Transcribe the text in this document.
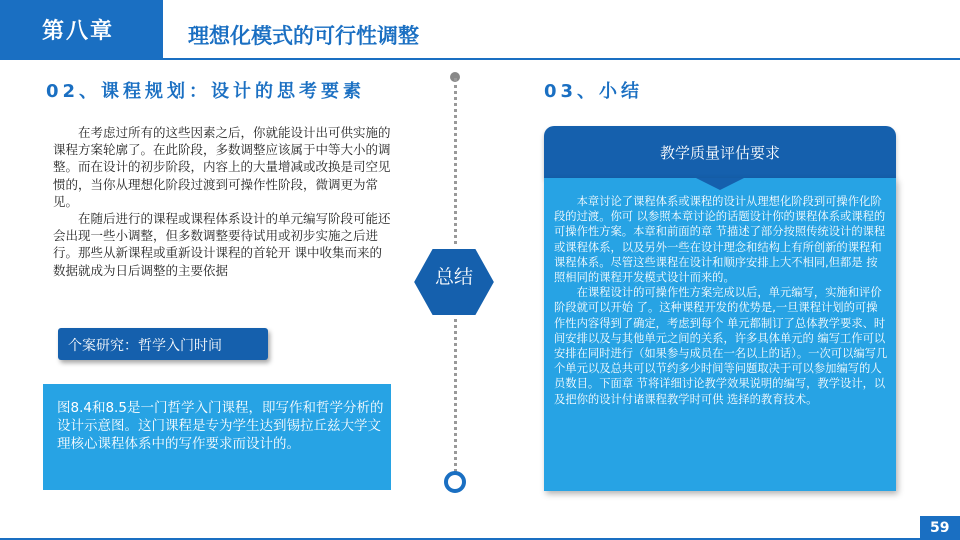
第八章	理想化模式的可行性调整
02、课程规划：设计的思考要素

在考虑过所有的这些因素之后，你就能设计出可供实施的课程方案轮廓了。在此阶段，多数调整应该属于中等大小的调整。而在设计的初步阶段，内容上的大量增减或改换是司空见惯的，当你从理想化阶段过渡到可操作性阶段，微调更为常见。

在随后进行的课程或课程体系设计的单元编写阶段可能还会出现一些小调整，但多数调整要待试用或初步实施之后进行。那些从新课程或重新设计课程的首轮开 课中收集而来的数据就成为日后调整的主要依据

个案研究：哲学入门时间

图8.4和8.5是一门哲学入门课程，即写作和哲学分析的设计示意图。这门课程是专为学生达到锡拉丘兹大学文理核心课程体系中的写作要求而设计的。

总结
03、小结
教学质量评估要求

本章讨论了课程体系或课程的设计从理想化阶段到可操作化阶段的过渡。你可 以参照本章讨论的话题设计你的课程体系或课程的可操作性方案。本章和前面的章 节描述了部分按照传统设计的课程或课程体系，以及另外一些在设计理念和结构上有所创新的课程和课程体系。尽管这些课程在设计和顺序安排上大不相同,但都是 按照相同的课程开发模式设计而来的。

在课程设计的可操作性方案完成以后，单元编写，实施和评价阶段就可以开始 了。这种课程开发的优势是,一旦课程计划的可操作性内容得到了确定，考虑到每个 单元都制订了总体教学要求、时间安排以及与其他单元之间的关系，许多具体单元的 编写工作可以安排在同时进行（如果参与成员在一名以上的话）。一次可以编写几个单元以及总共可以节约多少时间等问题取决于可以参加编写的人员数目。下面章 节将详细讨论教学效果说明的编写，教学设计，以及把你的设计付诸课程教学时可供 选择的教育技术。

59
